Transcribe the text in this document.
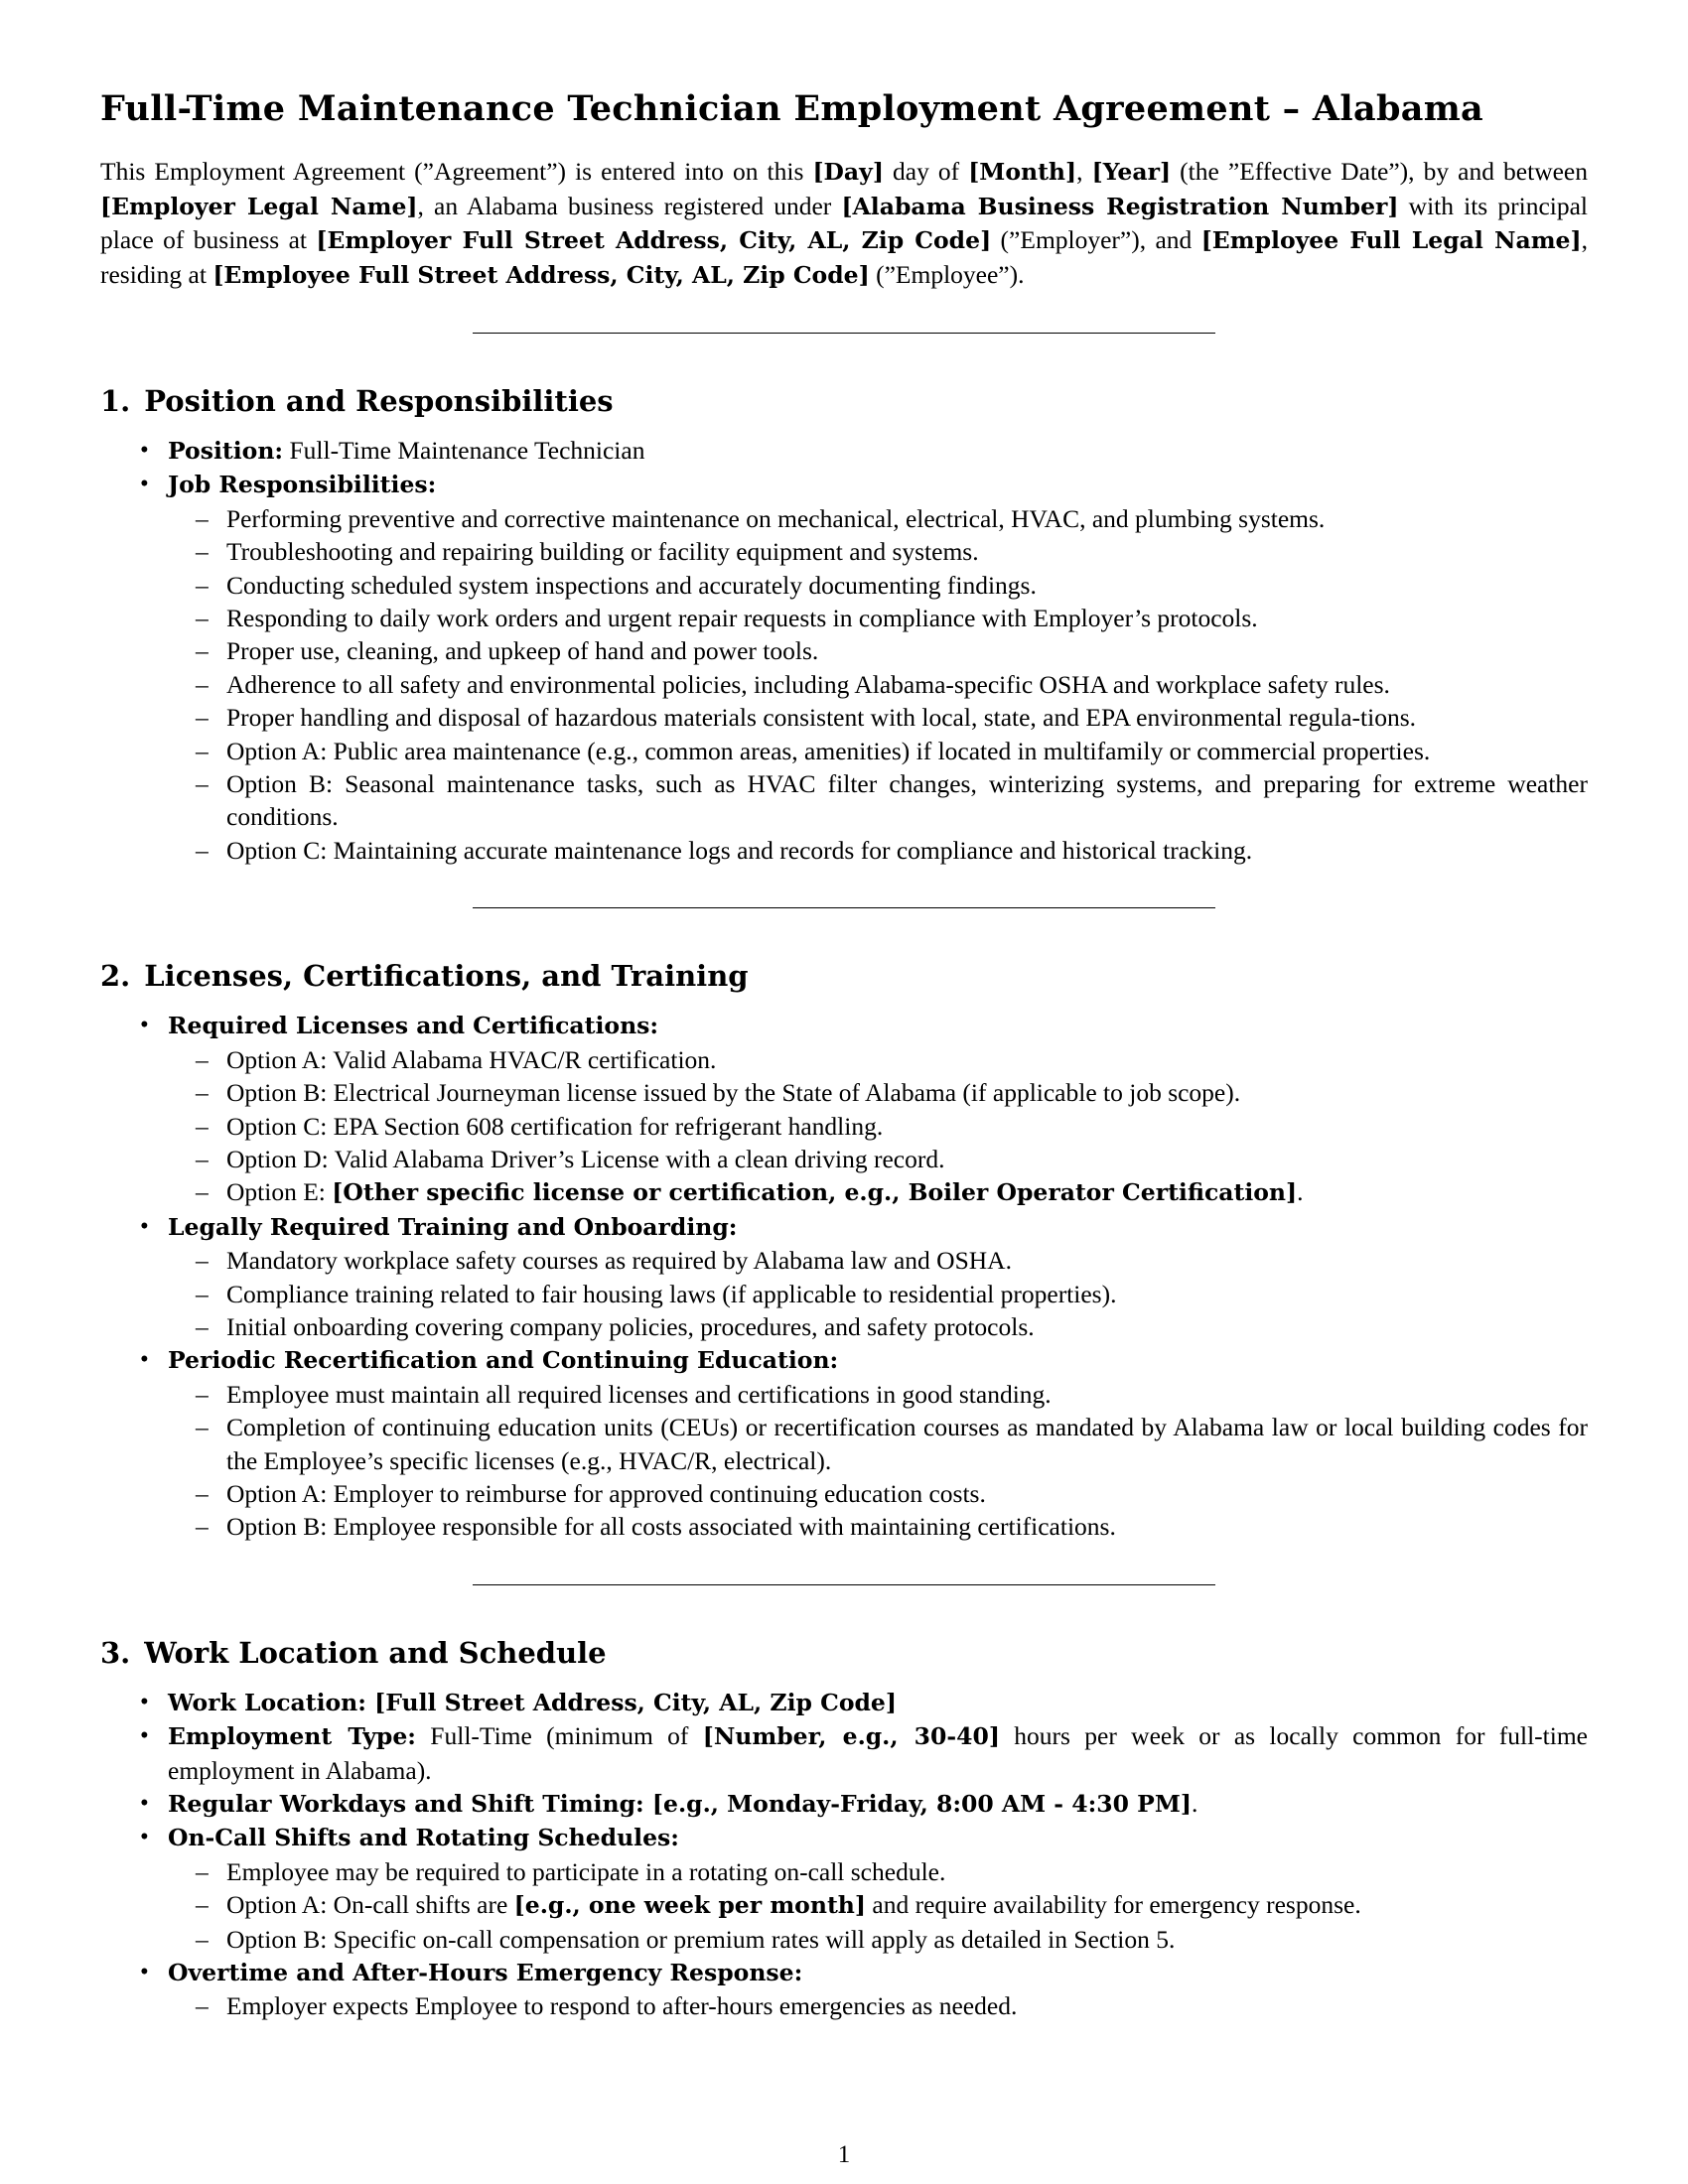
Full-Time Maintenance Technician Employment Agreement – Alabama

This Employment Agreement (”Agreement”) is entered into on this [Day] day of [Month], [Year] (the ”Effective Date”), by and between [Employer Legal Name], an Alabama business registered under [Alabama Business Registration Number] with its principal place of business at [Employer Full Street Address, City, AL, Zip Code] (”Employer”), and [Employee Full Legal Name], residing at [Employee Full Street Address, City, AL, Zip Code] (”Employee”).

1. Position and Responsibilities
• Position: Full-Time Maintenance Technician
• Job Responsibilities:
– Performing preventive and corrective maintenance on mechanical, electrical, HVAC, and plumbing systems.
– Troubleshooting and repairing building or facility equipment and systems.
– Conducting scheduled system inspections and accurately documenting findings.
– Responding to daily work orders and urgent repair requests in compliance with Employer’s protocols.
– Proper use, cleaning, and upkeep of hand and power tools.
– Adherence to all safety and environmental policies, including Alabama-specific OSHA and workplace safety rules.
– Proper handling and disposal of hazardous materials consistent with local, state, and EPA environmental regula-tions.
– Option A: Public area maintenance (e.g., common areas, amenities) if located in multifamily or commercial properties.
– Option B: Seasonal maintenance tasks, such as HVAC filter changes, winterizing systems, and preparing for extreme weather conditions.
– Option C: Maintaining accurate maintenance logs and records for compliance and historical tracking.
2. Licenses, Certifications, and Training
• Required Licenses and Certifications:
– Option A: Valid Alabama HVAC/R certification.
– Option B: Electrical Journeyman license issued by the State of Alabama (if applicable to job scope).
– Option C: EPA Section 608 certification for refrigerant handling.
– Option D: Valid Alabama Driver’s License with a clean driving record.
– Option E: [Other specific license or certification, e.g., Boiler Operator Certification].
• Legally Required Training and Onboarding:
– Mandatory workplace safety courses as required by Alabama law and OSHA.
– Compliance training related to fair housing laws (if applicable to residential properties).
– Initial onboarding covering company policies, procedures, and safety protocols.
• Periodic Recertification and Continuing Education:
– Employee must maintain all required licenses and certifications in good standing.
– Completion of continuing education units (CEUs) or recertification courses as mandated by Alabama law or local building codes for the Employee’s specific licenses (e.g., HVAC/R, electrical).
– Option A: Employer to reimburse for approved continuing education costs.
– Option B: Employee responsible for all costs associated with maintaining certifications.
3. Work Location and Schedule
• Work Location: [Full Street Address, City, AL, Zip Code]
• Employment Type: Full-Time (minimum of [Number, e.g., 30-40] hours per week or as locally common for full-time employment in Alabama).
• Regular Workdays and Shift Timing: [e.g., Monday-Friday, 8:00 AM - 4:30 PM].
• On-Call Shifts and Rotating Schedules:
– Employee may be required to participate in a rotating on-call schedule.
– Option A: On-call shifts are [e.g., one week per month] and require availability for emergency response.
– Option B: Specific on-call compensation or premium rates will apply as detailed in Section 5.
• Overtime and After-Hours Emergency Response:
– Employer expects Employee to respond to after-hours emergencies as needed.
1
